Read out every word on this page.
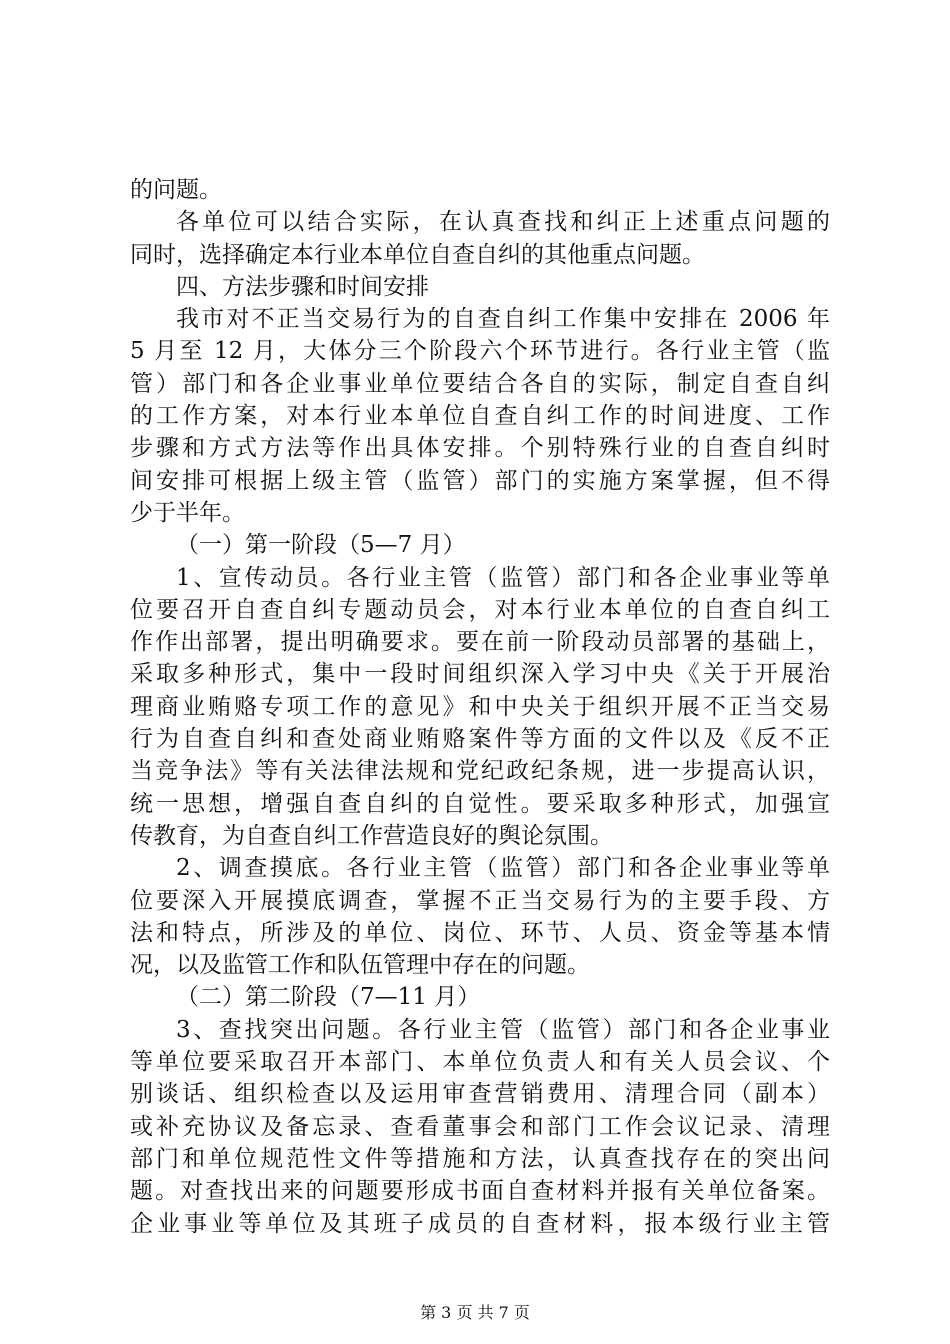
的问题。
各单位可以结合实际，在认真查找和纠正上述重点问题的
同时，选择确定本行业本单位自查自纠的其他重点问题。
四、方法步骤和时间安排
我市对不正当交易行为的自查自纠工作集中安排在 2006 年
5 月至 12 月，大体分三个阶段六个环节进行。各行业主管（监
管）部门和各企业事业单位要结合各自的实际，制定自查自纠
的工作方案，对本行业本单位自查自纠工作的时间进度、工作
步骤和方式方法等作出具体安排。个别特殊行业的自查自纠时
间安排可根据上级主管（监管）部门的实施方案掌握，但不得
少于半年。
（一）第一阶段（5—7 月）
1、宣传动员。各行业主管（监管）部门和各企业事业等单
位要召开自查自纠专题动员会，对本行业本单位的自查自纠工
作作出部署，提出明确要求。要在前一阶段动员部署的基础上，
采取多种形式，集中一段时间组织深入学习中央《关于开展治
理商业贿赂专项工作的意见》和中央关于组织开展不正当交易
行为自查自纠和查处商业贿赂案件等方面的文件以及《反不正
当竞争法》等有关法律法规和党纪政纪条规，进一步提高认识，
统一思想，增强自查自纠的自觉性。要采取多种形式，加强宣
传教育，为自查自纠工作营造良好的舆论氛围。
2、调查摸底。各行业主管（监管）部门和各企业事业等单
位要深入开展摸底调查，掌握不正当交易行为的主要手段、方
法和特点，所涉及的单位、岗位、环节、人员、资金等基本情
况，以及监管工作和队伍管理中存在的问题。
（二）第二阶段（7—11 月）
3、查找突出问题。各行业主管（监管）部门和各企业事业
等单位要采取召开本部门、本单位负责人和有关人员会议、个
别谈话、组织检查以及运用审查营销费用、清理合同（副本）
或补充协议及备忘录、查看董事会和部门工作会议记录、清理
部门和单位规范性文件等措施和方法，认真查找存在的突出问
题。对查找出来的问题要形成书面自查材料并报有关单位备案。
企业事业等单位及其班子成员的自查材料，报本级行业主管
第 3 页 共 7 页
